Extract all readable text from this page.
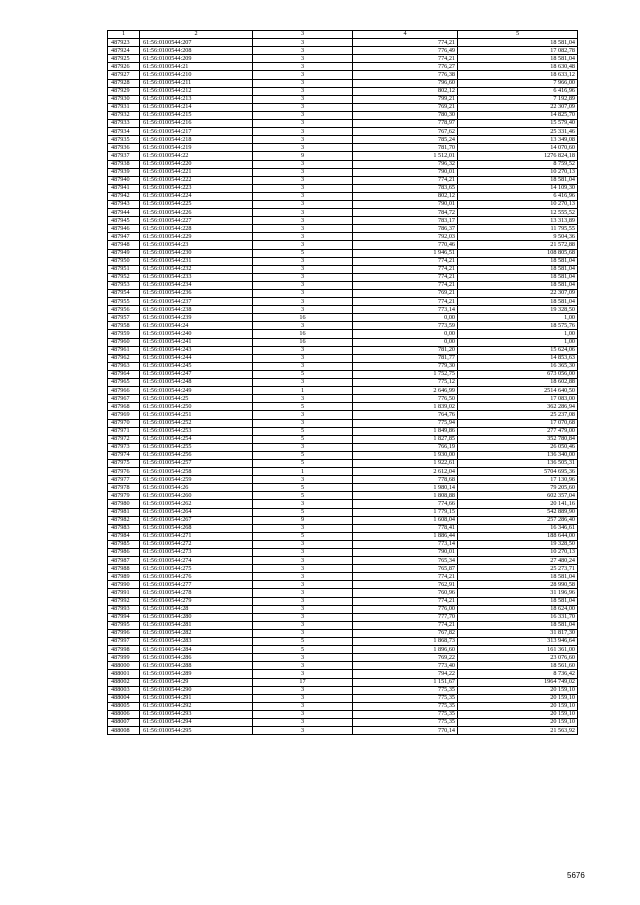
1	2	3	4	5
487923	61:56:0100544:207	3	774,21	18 581,04
487924	61:56:0100544:208	3	776,49	17 082,78
487925	61:56:0100544:209	3	774,21	18 581,04
487926	61:56:0100544:21	3	776,27	18 630,48
487927	61:56:0100544:210	3	776,38	18 633,12
487928	61:56:0100544:211	3	796,60	7 966,00
487929	61:56:0100544:212	3	802,12	6 416,96
487930	61:56:0100544:213	3	799,21	7 192,89
487931	61:56:0100544:214	3	769,21	22 307,09
487932	61:56:0100544:215	3	780,30	14 825,70
487933	61:56:0100544:216	3	778,97	15 579,40
487934	61:56:0100544:217	3	767,62	25 331,46
487935	61:56:0100544:218	3	785,24	13 349,08
487936	61:56:0100544:219	3	781,70	14 070,60
487937	61:56:0100544:22	9	1 512,01	1276 824,18
487938	61:56:0100544:220	3	796,32	8 759,52
487939	61:56:0100544:221	3	790,01	10 270,13
487940	61:56:0100544:222	3	774,21	18 581,04
487941	61:56:0100544:223	3	783,65	14 109,30
487942	61:56:0100544:224	3	802,12	6 416,96
487943	61:56:0100544:225	3	790,01	10 270,13
487944	61:56:0100544:226	3	784,72	12 555,52
487945	61:56:0100544:227	3	783,17	13 313,89
487946	61:56:0100544:228	3	786,37	11 795,55
487947	61:56:0100544:229	3	792,03	9 504,36
487948	61:56:0100544:23	3	770,46	21 572,88
487949	61:56:0100544:230	5	1 946,51	108 805,68
487950	61:56:0100544:231	3	774,21	18 581,04
487951	61:56:0100544:232	3	774,21	18 581,04
487952	61:56:0100544:233	3	774,21	18 581,04
487953	61:56:0100544:234	3	774,21	18 581,04
487954	61:56:0100544:236	3	769,21	22 307,09
487955	61:56:0100544:237	3	774,21	18 581,04
487956	61:56:0100544:238	3	773,14	19 328,50
487957	61:56:0100544:239	16	0,00	1,00
487958	61:56:0100544:24	3	773,59	18 575,76
487959	61:56:0100544:240	16	0,00	1,00
487960	61:56:0100544:241	16	0,00	1,00
487961	61:56:0100544:243	3	781,20	15 624,06
487962	61:56:0100544:244	3	781,77	14 853,63
487963	61:56:0100544:245	3	779,30	16 365,30
487964	61:56:0100544:247	5	1 752,75	673 056,00
487965	61:56:0100544:248	3	775,12	18 602,88
487966	61:56:0100544:249	1	2 646,99	2514 640,50
487967	61:56:0100544:25	3	776,50	17 083,00
487968	61:56:0100544:250	5	1 839,02	362 286,94
487969	61:56:0100544:251	3	764,76	25 237,08
487970	61:56:0100544:252	3	775,94	17 070,68
487971	61:56:0100544:253	5	1 849,86	277 479,00
487972	61:56:0100544:254	5	1 827,85	352 780,84
487973	61:56:0100544:255	3	766,19	26 050,46
487974	61:56:0100544:256	5	1 930,00	136 340,00
487975	61:56:0100544:257	5	1 922,61	136 505,31
487976	61:56:0100544:258	1	2 612,04	5704 695,36
487977	61:56:0100544:259	3	778,68	17 130,96
487978	61:56:0100544:26	5	1 980,14	79 205,60
487979	61:56:0100544:260	5	1 808,88	602 357,04
487980	61:56:0100544:262	3	774,66	20 141,16
487981	61:56:0100544:264	5	1 779,15	542 889,90
487982	61:56:0100544:267	9	1 608,04	257 286,40
487983	61:56:0100544:268	3	778,41	16 346,61
487984	61:56:0100544:271	5	1 886,44	188 644,00
487985	61:56:0100544:272	3	773,14	19 328,50
487986	61:56:0100544:273	3	790,01	10 270,13
487987	61:56:0100544:274	3	765,34	27 480,24
487988	61:56:0100544:275	3	765,87	25 273,71
487989	61:56:0100544:276	3	774,21	18 581,04
487990	61:56:0100544:277	3	762,91	28 990,58
487991	61:56:0100544:278	3	760,96	31 196,96
487992	61:56:0100544:279	3	774,21	18 581,04
487993	61:56:0100544:28	3	776,00	18 624,00
487994	61:56:0100544:280	3	777,70	16 331,70
487995	61:56:0100544:281	3	774,21	18 581,04
487996	61:56:0100544:282	3	767,82	31 817,30
487997	61:56:0100544:283	5	1 868,73	313 946,64
487998	61:56:0100544:284	5	1 896,60	161 361,00
487999	61:56:0100544:286	3	769,22	23 076,60
488000	61:56:0100544:288	3	773,40	18 561,60
488001	61:56:0100544:289	3	794,22	8 736,42
488002	61:56:0100544:29	17	1 151,67	1964 749,02
488003	61:56:0100544:290	3	775,35	20 159,10
488004	61:56:0100544:291	3	775,35	20 159,10
488005	61:56:0100544:292	3	775,35	20 159,10
488006	61:56:0100544:293	3	775,35	20 159,10
488007	61:56:0100544:294	3	775,35	20 159,10
488008	61:56:0100544:295	3	770,14	21 563,92
5676
